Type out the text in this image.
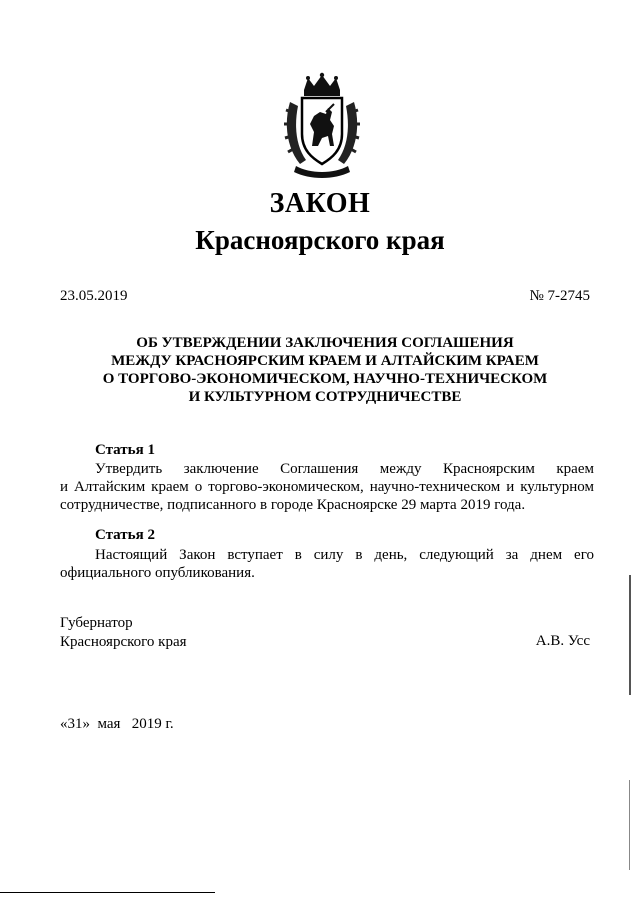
ЗАКОН
Красноярского края
23.05.2019	№ 7-2745
ОБ УТВЕРЖДЕНИИ ЗАКЛЮЧЕНИЯ СОГЛАШЕНИЯ
МЕЖДУ КРАСНОЯРСКИМ КРАЕМ И АЛТАЙСКИМ КРАЕМ
О ТОРГОВО-ЭКОНОМИЧЕСКОМ, НАУЧНО-ТЕХНИЧЕСКОМ
И КУЛЬТУРНОМ СОТРУДНИЧЕСТВЕ
Статья 1
Утвердить заключение Соглашения между Красноярским краем
и Алтайским краем о торгово-экономическом, научно-техническом и культурном
сотрудничестве, подписанного в городе Красноярске 29 марта 2019 года.
Статья 2
Настоящий Закон вступает в силу в день, следующий за днем его
официального опубликования.
Губернатор
Красноярского края	А.В. Усс
«31»  мая   2019 г.
